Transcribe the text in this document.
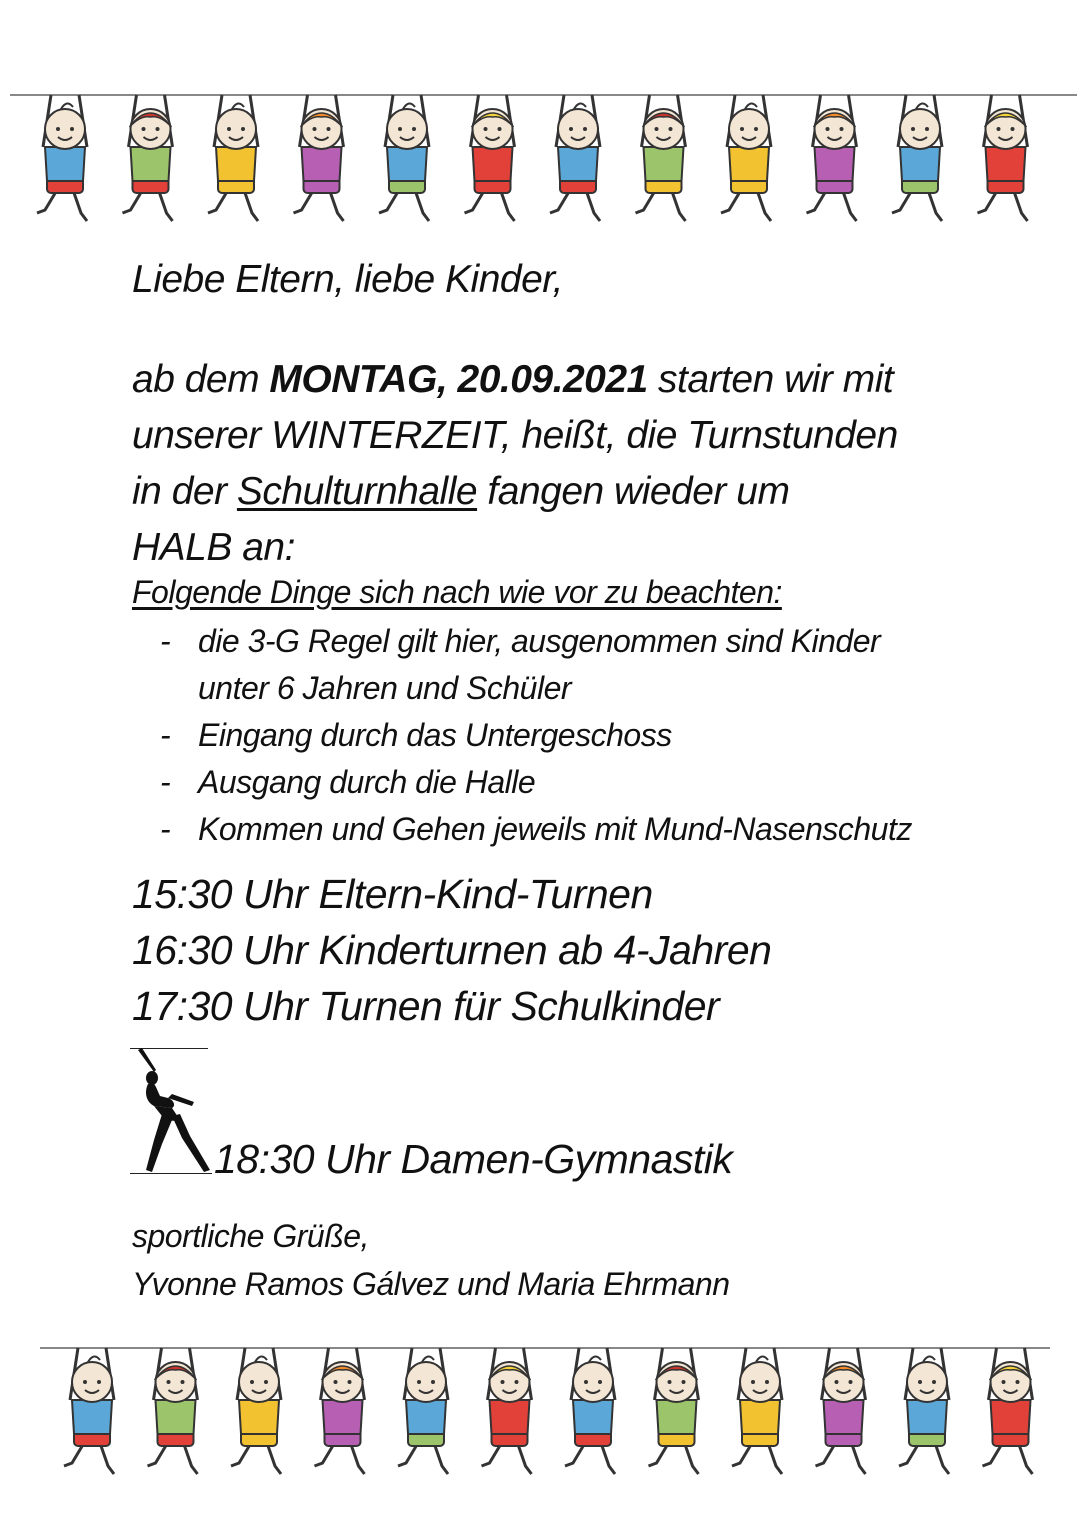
Liebe Eltern, liebe Kinder,
ab dem MONTAG, 20.09.2021 starten wir mit
unserer WINTERZEIT, heißt, die Turnstunden
in der Schulturnhalle fangen wieder um
HALB an:
Folgende Dinge sich nach wie vor zu beachten:
- die 3-G Regel gilt hier, ausgenommen sind Kinder
unter 6 Jahren und Schüler
- Eingang durch das Untergeschoss
- Ausgang durch die Halle
- Kommen und Gehen jeweils mit Mund-Nasenschutz
15:30 Uhr Eltern-Kind-Turnen
16:30 Uhr Kinderturnen ab 4-Jahren
17:30 Uhr Turnen für Schulkinder
18:30 Uhr Damen-Gymnastik
sportliche Grüße,
Yvonne Ramos Gálvez und Maria Ehrmann
